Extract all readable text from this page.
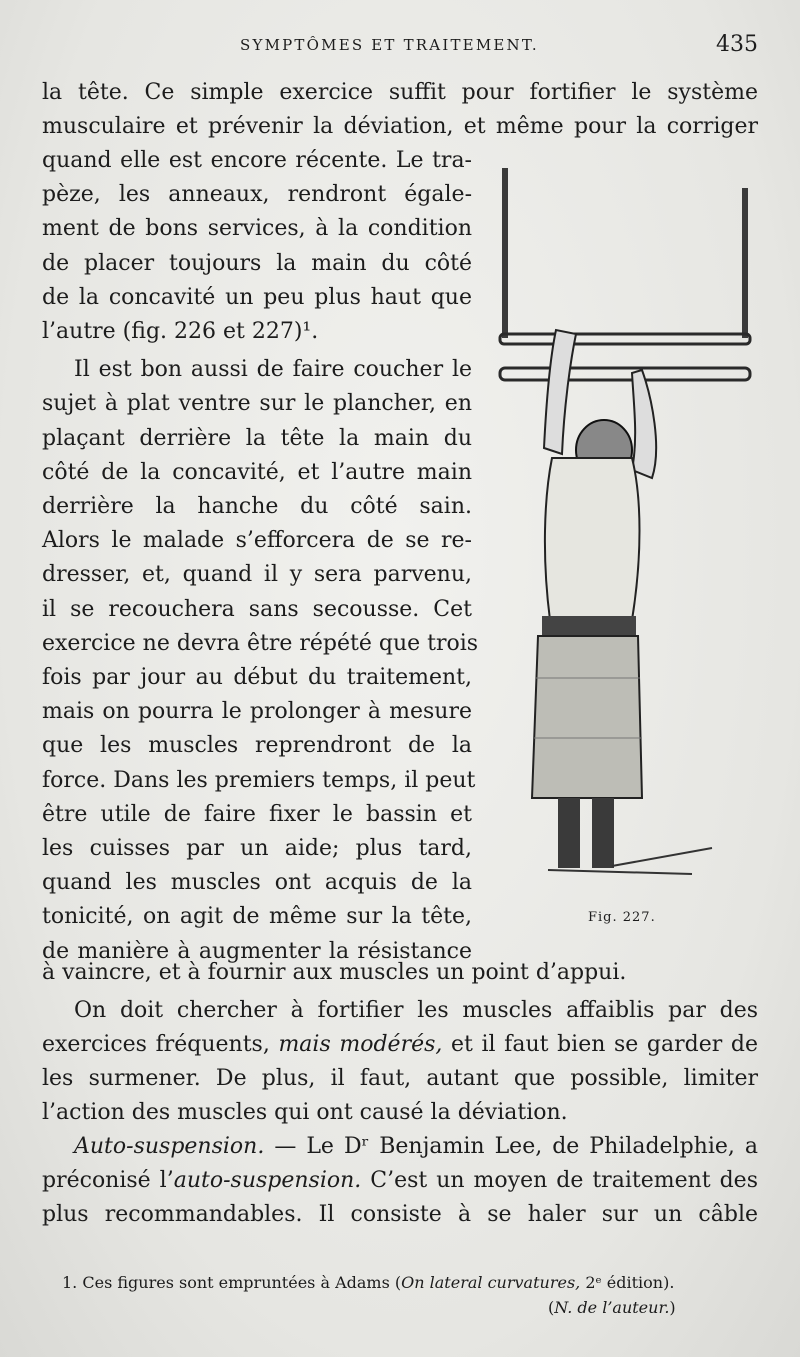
SYMPTÔMES ET TRAITEMENT.	435
la tête. Ce simple exercice suffit pour fortifier le système
musculaire et prévenir la déviation, et même pour la corriger
quand elle est encore récente. Le tra-
pèze, les anneaux, rendront égale-
ment de bons services, à la condition
de placer toujours la main du côté
de la concavité un peu plus haut que
l’autre (fig. 226 et 227)¹.
Il est bon aussi de faire coucher le
sujet à plat ventre sur le plancher, en
plaçant derrière la tête la main du
côté de la concavité, et l’autre main
derrière la hanche du côté sain.
Alors le malade s’efforcera de se re-
dresser, et, quand il y sera parvenu,
il se recouchera sans secousse. Cet
exercice ne devra être répété que trois
fois par jour au début du traitement,
mais on pourra le prolonger à mesure
que les muscles reprendront de la
force. Dans les premiers temps, il peut
être utile de faire fixer le bassin et
les cuisses par un aide; plus tard,
quand les muscles ont acquis de la
tonicité, on agit de même sur la tête,
de manière à augmenter la résistance
à vaincre, et à fournir aux muscles un point d’appui.
On doit chercher à fortifier les muscles affaiblis par des
exercices fréquents, mais modérés, et il faut bien se garder de
les surmener. De plus, il faut, autant que possible, limiter
l’action des muscles qui ont causé la déviation.
Auto-suspension. — Le Dʳ Benjamin Lee, de Philadelphie, a
préconisé l’auto-suspension. C’est un moyen de traitement des
plus recommandables. Il consiste à se haler sur un câble
Fig. 227.
1. Ces figures sont empruntées à Adams (On lateral curvatures, 2ᵉ édition).
(N. de l’auteur.)
